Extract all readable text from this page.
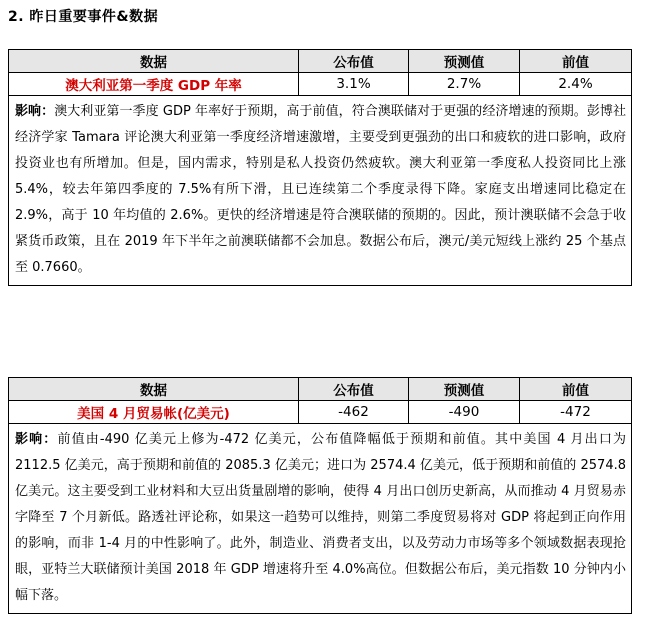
2. 昨日重要事件&数据
数据	公布值	预测值	前值
澳大利亚第一季度 GDP 年率	3.1%	2.7%	2.4%
影响：澳大利亚第一季度 GDP 年率好于预期，高于前值，符合澳联储对于更强的经济增速的预期。彭博社经济学家 Tamara 评论澳大利亚第一季度经济增速激增，主要受到更强劲的出口和疲软的进口影响，政府投资业也有所增加。但是，国内需求，特别是私人投资仍然疲软。澳大利亚第一季度私人投资同比上涨 5.4%，较去年第四季度的 7.5%有所下滑，且已连续第二个季度录得下降。家庭支出增速同比稳定在 2.9%，高于 10 年均值的 2.6%。更快的经济增速是符合澳联储的预期的。因此，预计澳联储不会急于收紧货币政策，且在 2019 年下半年之前澳联储都不会加息。数据公布后，澳元/美元短线上涨约 25 个基点至 0.7660。			
数据	公布值	预测值	前值
美国 4 月贸易帐(亿美元)	-462	-490	-472
影响：前值由-490 亿美元上修为-472 亿美元，公布值降幅低于预期和前值。其中美国 4 月出口为 2112.5 亿美元，高于预期和前值的 2085.3 亿美元；进口为 2574.4 亿美元，低于预期和前值的 2574.8 亿美元。这主要受到工业材料和大豆出货量剧增的影响，使得 4 月出口创历史新高，从而推动 4 月贸易赤字降至 7 个月新低。路透社评论称，如果这一趋势可以维持，则第二季度贸易将对 GDP 将起到正向作用的影响，而非 1-4 月的中性影响了。此外，制造业、消费者支出，以及劳动力市场等多个领域数据表现抢眼，亚特兰大联储预计美国 2018 年 GDP 增速将升至 4.0%高位。但数据公布后，美元指数 10 分钟内小幅下落。			
